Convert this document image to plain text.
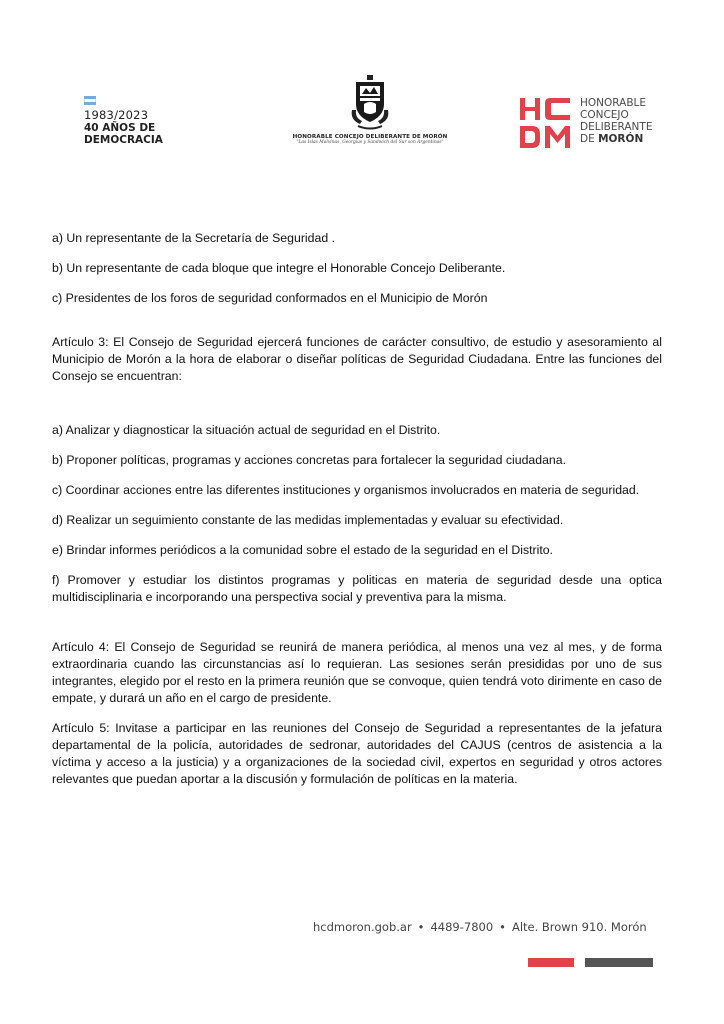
1983/2023
40 AÑOS DE
DEMOCRACIA	HONORABLE CONCEJO DELIBERANTE DE MORÓN
"Las Islas Malvinas, Georgias y Sandwich del Sur son Argentinas"
HONORABLE
CONCEJO
DELIBERANTE
DE MORÓN

a) Un representante de la Secretaría de Seguridad .

b) Un representante de cada bloque que integre el Honorable Concejo Deliberante.

c) Presidentes de los foros de seguridad conformados en el Municipio de Morón

Artículo 3: El Consejo de Seguridad ejercerá funciones de carácter consultivo, de estudio y asesoramiento al Municipio de Morón a la hora de elaborar o diseñar políticas de Seguridad Ciudadana. Entre las funciones del Consejo se encuentran:

a) Analizar y diagnosticar la situación actual de seguridad en el Distrito.

b) Proponer políticas, programas y acciones concretas para fortalecer la seguridad ciudadana.

c) Coordinar acciones entre las diferentes instituciones y organismos involucrados en materia de seguridad.

d) Realizar un seguimiento constante de las medidas implementadas y evaluar su efectividad.

e) Brindar informes periódicos a la comunidad sobre el estado de la seguridad en el Distrito.

f) Promover y estudiar los distintos programas y politicas en materia de seguridad desde una optica multidisciplinaria e incorporando una perspectiva social y preventiva para la misma.

Artículo 4: El Consejo de Seguridad se reunirá de manera periódica, al menos una vez al mes, y de forma extraordinaria cuando las circunstancias así lo requieran. Las sesiones serán presididas por uno de sus integrantes, elegido por el resto en la primera reunión que se convoque, quien tendrá voto dirimente en caso de empate, y durará un año en el cargo de presidente.

Artículo 5: Invitase a participar en las reuniones del Consejo de Seguridad a representantes de la jefatura departamental de la policía, autoridades de sedronar, autoridades del CAJUS (centros de asistencia a la víctima y acceso a la justicia) y a organizaciones de la sociedad civil, expertos en seguridad y otros actores relevantes que puedan aportar a la discusión y formulación de políticas en la materia.

hcdmoron.gob.ar • 4489-7800 • Alte. Brown 910. Morón
